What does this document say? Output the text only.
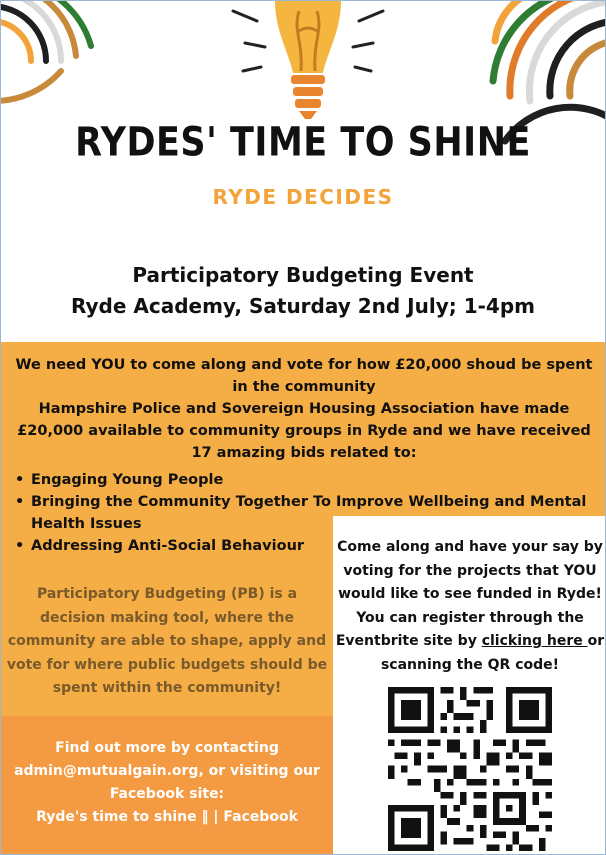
RYDES' TIME TO SHINE
RYDE DECIDES
Participatory Budgeting Event
Ryde Academy, Saturday 2nd July; 1-4pm
We need YOU to come along and vote for how £20,000 shoud be spent in the community
Hampshire Police and Sovereign Housing Association have made £20,000 available to community groups in Ryde and we have received 17 amazing bids related to:
• Engaging Young People
• Bringing the Community Together To Improve Wellbeing and Mental Health Issues
• Addressing Anti-Social Behaviour
Participatory Budgeting (PB) is a decision making tool, where the community are able to shape, apply and vote for where public budgets should be spent within the community!
Find out more by contacting admin@mutualgain.org, or visiting our Facebook site:
Ryde's time to shine ‖ | Facebook
Come along and have your say by voting for the projects that YOU would like to see funded in Ryde! You can register through the Eventbrite site by clicking here or scanning the QR code!
